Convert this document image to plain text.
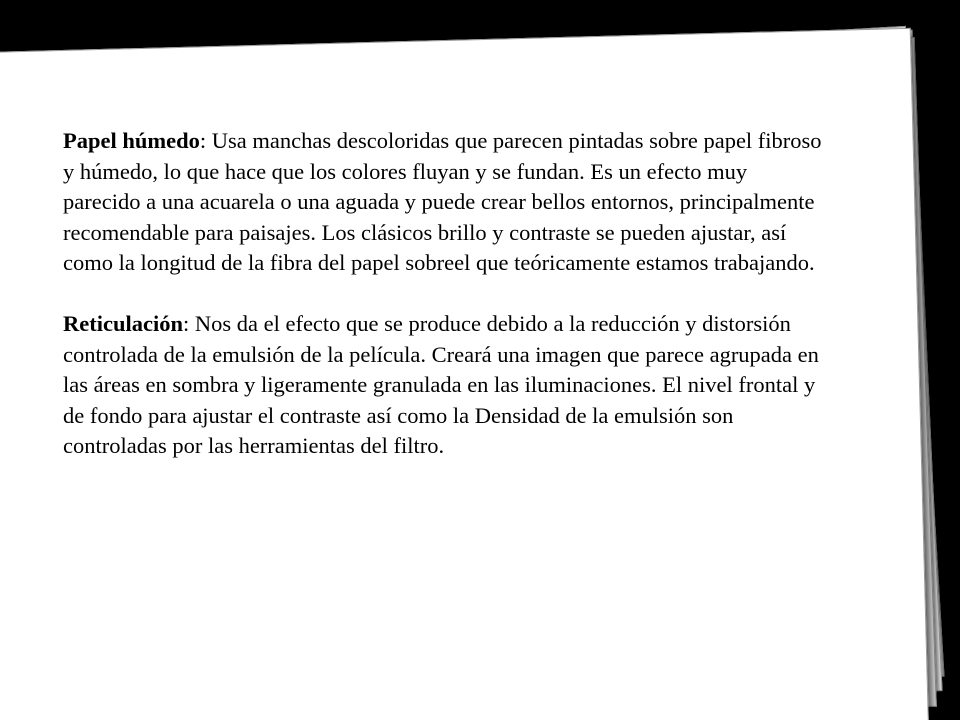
Papel húmedo: Usa manchas descoloridas que parecen pintadas sobre papel fibroso y húmedo, lo que hace que los colores fluyan y se fundan. Es un efecto muy parecido a una acuarela o una aguada y puede crear bellos entornos, principalmente recomendable para paisajes. Los clásicos brillo y contraste se pueden ajustar, así como la longitud de la fibra del papel sobreel que teóricamente estamos trabajando.

Reticulación: Nos da el efecto que se produce debido a la reducción y distorsión controlada de la emulsión de la película. Creará una imagen que parece agrupada en las áreas en sombra y ligeramente granulada en las iluminaciones. El nivel frontal y de fondo para ajustar el contraste así como la Densidad de la emulsión son controladas por las herramientas del filtro.
